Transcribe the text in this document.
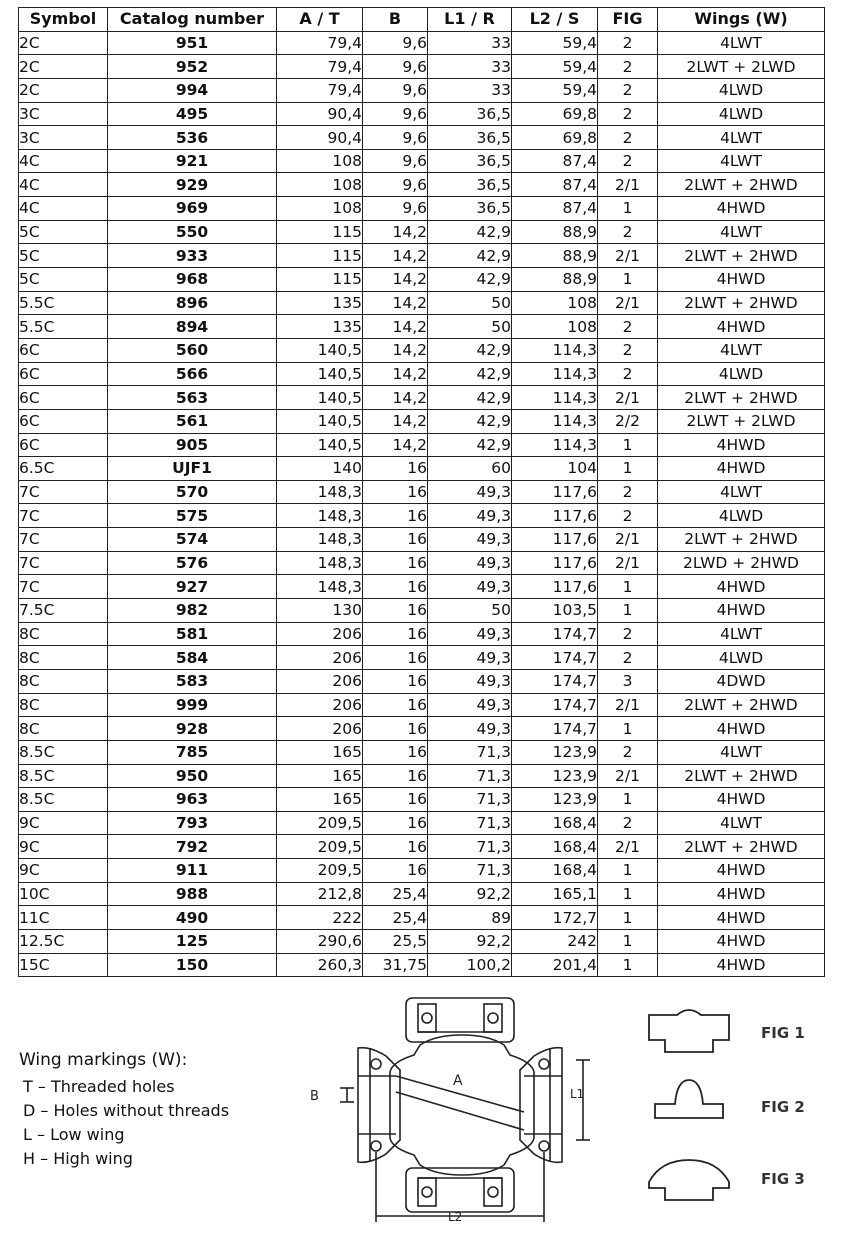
Symbol	Catalog number	A / T	B	L1 / R	L2 / S	FIG	Wings (W)
2C	951	79,4	9,6	33	59,4	2	4LWT
2C	952	79,4	9,6	33	59,4	2	2LWT + 2LWD
2C	994	79,4	9,6	33	59,4	2	4LWD
3C	495	90,4	9,6	36,5	69,8	2	4LWD
3C	536	90,4	9,6	36,5	69,8	2	4LWT
4C	921	108	9,6	36,5	87,4	2	4LWT
4C	929	108	9,6	36,5	87,4	2/1	2LWT + 2HWD
4C	969	108	9,6	36,5	87,4	1	4HWD
5C	550	115	14,2	42,9	88,9	2	4LWT
5C	933	115	14,2	42,9	88,9	2/1	2LWT + 2HWD
5C	968	115	14,2	42,9	88,9	1	4HWD
5.5C	896	135	14,2	50	108	2/1	2LWT + 2HWD
5.5C	894	135	14,2	50	108	2	4HWD
6C	560	140,5	14,2	42,9	114,3	2	4LWT
6C	566	140,5	14,2	42,9	114,3	2	4LWD
6C	563	140,5	14,2	42,9	114,3	2/1	2LWT + 2HWD
6C	561	140,5	14,2	42,9	114,3	2/2	2LWT + 2LWD
6C	905	140,5	14,2	42,9	114,3	1	4HWD
6.5C	UJF1	140	16	60	104	1	4HWD
7C	570	148,3	16	49,3	117,6	2	4LWT
7C	575	148,3	16	49,3	117,6	2	4LWD
7C	574	148,3	16	49,3	117,6	2/1	2LWT + 2HWD
7C	576	148,3	16	49,3	117,6	2/1	2LWD + 2HWD
7C	927	148,3	16	49,3	117,6	1	4HWD
7.5C	982	130	16	50	103,5	1	4HWD
8C	581	206	16	49,3	174,7	2	4LWT
8C	584	206	16	49,3	174,7	2	4LWD
8C	583	206	16	49,3	174,7	3	4DWD
8C	999	206	16	49,3	174,7	2/1	2LWT + 2HWD
8C	928	206	16	49,3	174,7	1	4HWD
8.5C	785	165	16	71,3	123,9	2	4LWT
8.5C	950	165	16	71,3	123,9	2/1	2LWT + 2HWD
8.5C	963	165	16	71,3	123,9	1	4HWD
9C	793	209,5	16	71,3	168,4	2	4LWT
9C	792	209,5	16	71,3	168,4	2/1	2LWT + 2HWD
9C	911	209,5	16	71,3	168,4	1	4HWD
10C	988	212,8	25,4	92,2	165,1	1	4HWD
11C	490	222	25,4	89	172,7	1	4HWD
12.5C	125	290,6	25,5	92,2	242	1	4HWD
15C	150	260,3	31,75	100,2	201,4	1	4HWD
Wing markings (W):
T – Threaded holes
D – Holes without threads
L – Low wing
H – High wing
A
B	L1
L2
FIG 1
FIG 2
FIG 3
